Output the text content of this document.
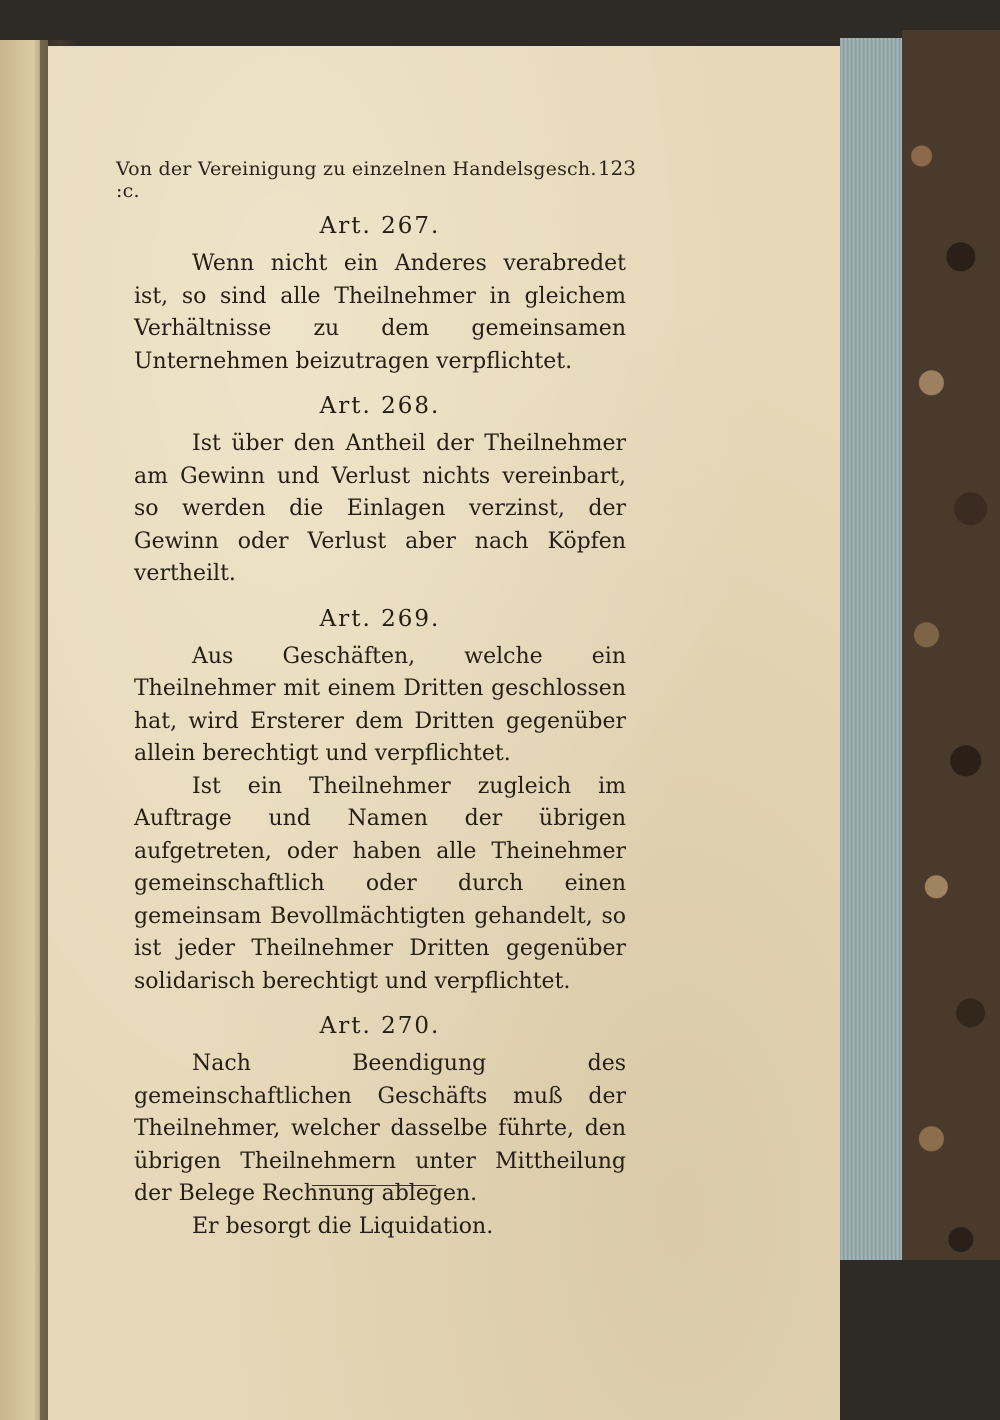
Von der Vereinigung zu einzelnen Handelsgesch. :c.
123

Art. 267.

Wenn nicht ein Anderes verabredet ist, so sind alle Theilnehmer in gleichem Verhältnisse zu dem gemeinsamen Unternehmen beizutragen verpflichtet.

Art. 268.

Ist über den Antheil der Theilnehmer am Gewinn und Verlust nichts vereinbart, so werden die Einlagen verzinst, der Gewinn oder Verlust aber nach Köpfen vertheilt.

Art. 269.

Aus Geschäften, welche ein Theilnehmer mit einem Dritten geschlossen hat, wird Ersterer dem Dritten gegenüber allein berechtigt und verpflichtet.

Ist ein Theilnehmer zugleich im Auftrage und Namen der übrigen aufgetreten, oder haben alle Theinehmer gemeinschaftlich oder durch einen gemeinsam Bevollmächtigten gehandelt, so ist jeder Theilnehmer Dritten gegenüber solidarisch berechtigt und verpflichtet.

Art. 270.

Nach Beendigung des gemeinschaftlichen Geschäfts muß der Theilnehmer, welcher dasselbe führte, den übrigen Theilnehmern unter Mittheilung der Belege Rechnung ablegen.

Er besorgt die Liquidation.
